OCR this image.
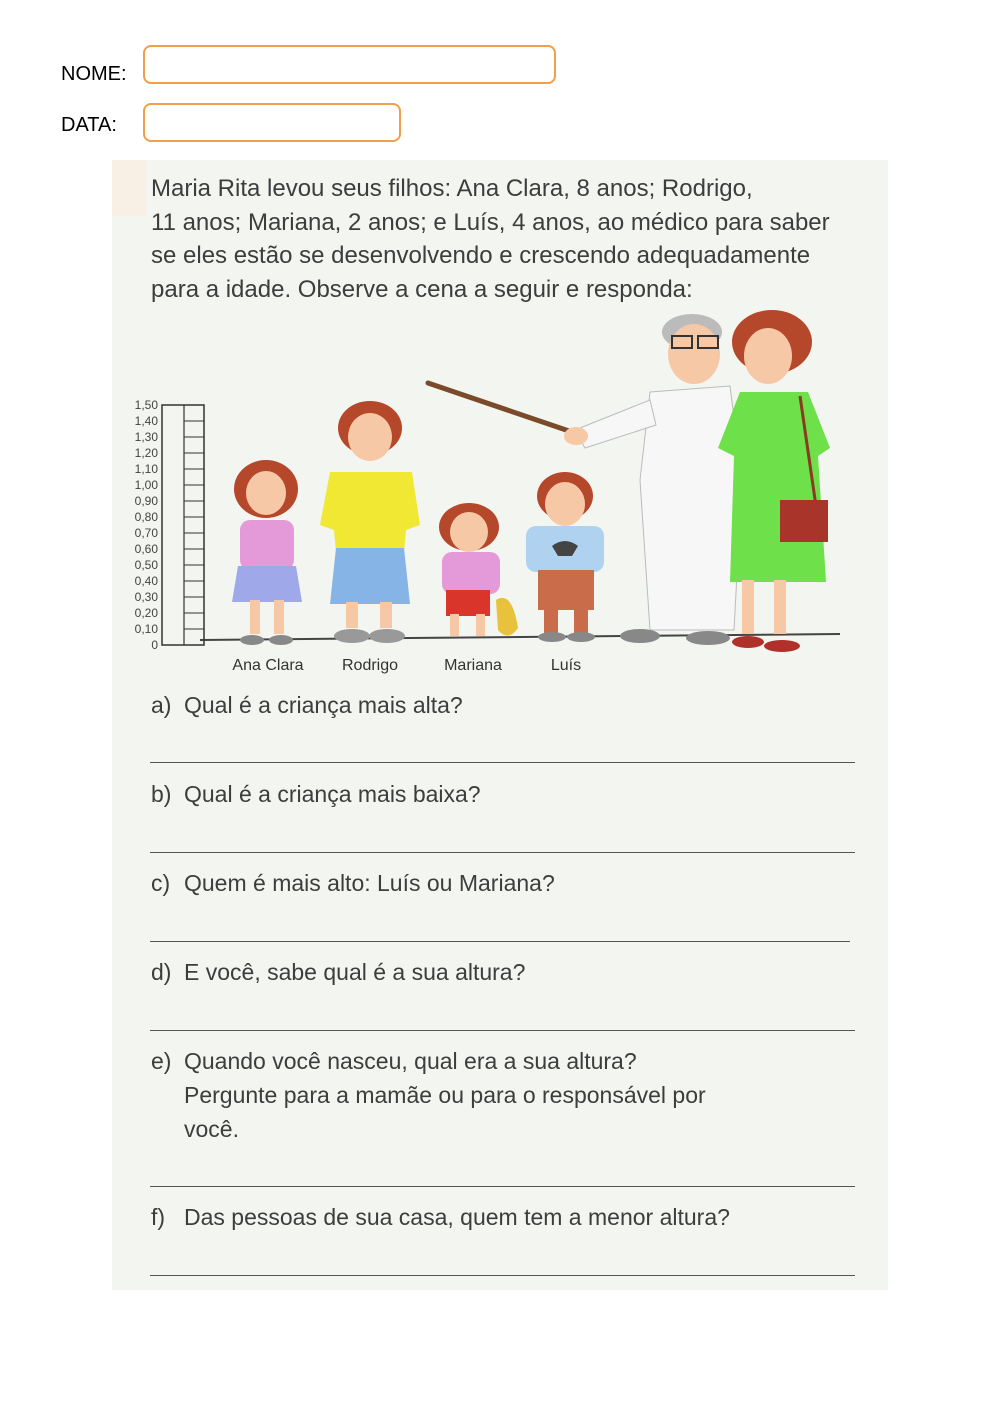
NOME:
DATA:
Maria Rita levou seus filhos: Ana Clara, 8 anos; Rodrigo,
11 anos; Mariana, 2 anos; e Luís, 4 anos, ao médico para saber
se eles estão se desenvolvendo e crescendo adequadamente
para a idade. Observe a cena a seguir e responda:
1,50
1,40
1,30
1,20
1,10
1,00
0,90
0,80
0,70
0,60
0,50
0,40
0,30
0,20
0,10
0
Ana Clara Rodrigo	Mariana	Luís
a) Qual é a criança mais alta?
b) Qual é a criança mais baixa?
c) Quem é mais alto: Luís ou Mariana?
d) E você, sabe qual é a sua altura?
e) Quando você nasceu, qual era a sua altura?
Pergunte para a mamãe ou para o responsável por
você.
f) Das pessoas de sua casa, quem tem a menor altura?
